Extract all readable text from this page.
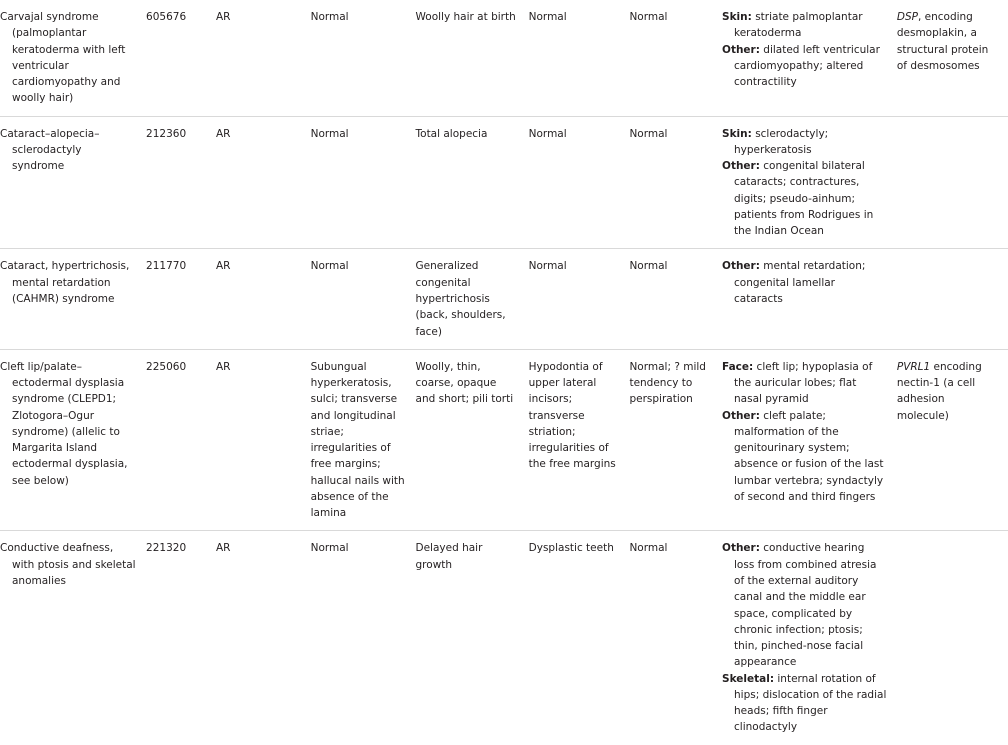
Carvajal syndrome (palmoplantar keratoderma with left ventricular cardiomyopathy and woolly hair)	605676	AR	Normal	Woolly hair at birth	Normal	Normal	Skin: striate palmoplantar keratoderma
Other: dilated left ventricular cardiomyopathy; altered contractility	DSP, encoding desmoplakin, a structural protein of desmosomes

Cataract–alopecia–sclerodactyly syndrome	212360	AR	Normal	Total alopecia	Normal	Normal	Skin: sclerodactyly; hyperkeratosis
Other: congenital bilateral cataracts; contractures, digits; pseudo-ainhum; patients from Rodrigues in the Indian Ocean	

Cataract, hypertrichosis, mental retardation (CAHMR) syndrome	211770	AR	Normal	Generalized congenital hypertrichosis (back, shoulders, face)	Normal	Normal	Other: mental retardation; congenital lamellar cataracts	

Cleft lip/palate–ectodermal dysplasia syndrome (CLEPD1; Zlotogora–Ogur syndrome) (allelic to Margarita Island ectodermal dysplasia, see below)	225060	AR	Subungual hyperkeratosis, sulci; transverse and longitudinal striae; irregularities of free margins; hallucal nails with absence of the lamina	Woolly, thin, coarse, opaque and short; pili torti	Hypodontia of upper lateral incisors; transverse striation; irregularities of the free margins	Normal; ? mild tendency to perspiration	Face: cleft lip; hypoplasia of the auricular lobes; flat nasal pyramid
Other: cleft palate; malformation of the genitourinary system; absence or fusion of the last lumbar vertebra; syndactyly of second and third fingers	PVRL1 encoding nectin-1 (a cell adhesion molecule)

Conductive deafness, with ptosis and skeletal anomalies	221320	AR	Normal	Delayed hair growth	Dysplastic teeth	Normal	Other: conductive hearing loss from combined atresia of the external auditory canal and the middle ear space, complicated by chronic infection; ptosis; thin, pinched-nose facial appearance
Skeletal: internal rotation of hips; dislocation of the radial heads; fifth finger clinodactyly	
